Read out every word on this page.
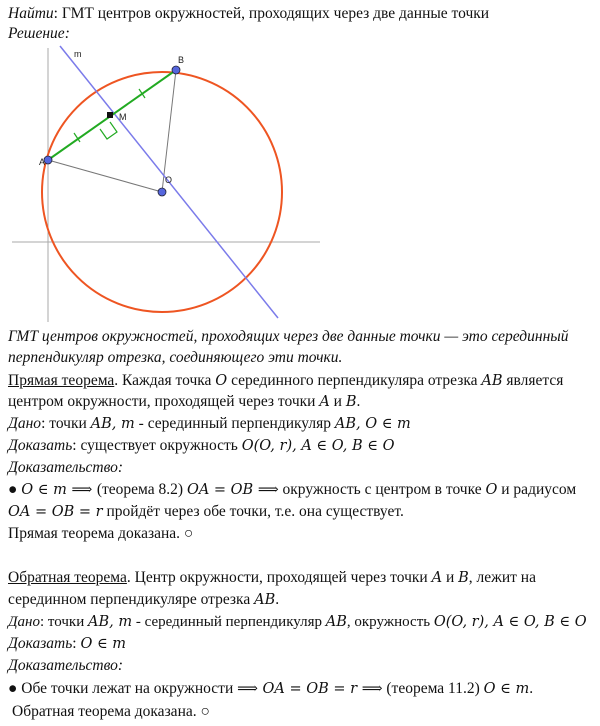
Найти: ГМТ центров окружностей, проходящих через две данные точки
Решение:
m
A
B
M
O
ГМТ центров окружностей, проходящих через две данные точки — это серединный
перпендикуляр отрезка, соединяющего эти точки.
Прямая теорема. Каждая точка O серединного перпендикуляра отрезка AB является
центром окружности, проходящей через точки A и B.
Дано: точки AB, m - серединный перпендикуляр AB, O ∈ m
Доказать: существует окружность O(O, r), A ∈ O, B ∈ O
Доказательство:
● O ∈ m ⟹ (теорема 8.2) OA = OB ⟹ окружность с центром в точке O и радиусом
OA = OB = r пройдёт через обе точки, т.е. она существует.
Прямая теорема доказана. ○
Обратная теорема. Центр окружности, проходящей через точки A и B, лежит на
серединном перпендикуляре отрезка AB.
Дано: точки AB, m - серединный перпендикуляр AB, окружность O(O, r), A ∈ O, B ∈ O
Доказать: O ∈ m
Доказательство:
● Обе точки лежат на окружности ⟹ OA = OB = r ⟹ (теорема 11.2) O ∈ m.
Обратная теорема доказана. ○
